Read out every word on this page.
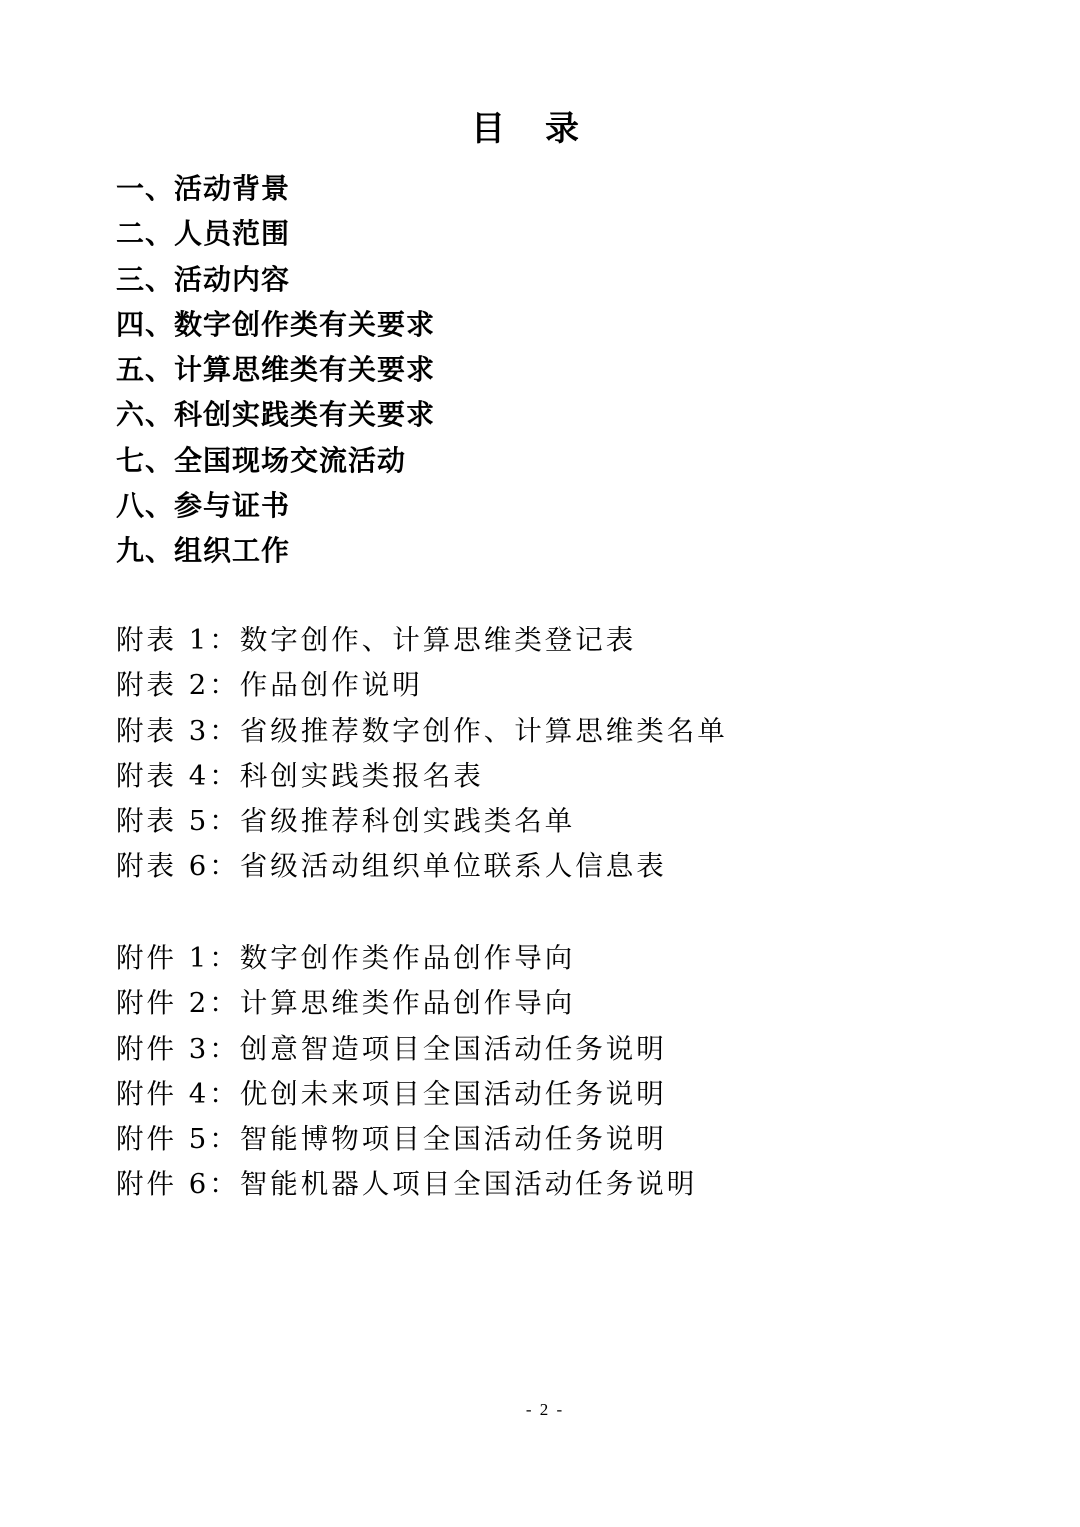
目录
一、活动背景
二、人员范围
三、活动内容
四、数字创作类有关要求
五、计算思维类有关要求
六、科创实践类有关要求
七、全国现场交流活动
八、参与证书
九、组织工作
附表 1：数字创作、计算思维类登记表
附表 2：作品创作说明
附表 3：省级推荐数字创作、计算思维类名单
附表 4：科创实践类报名表
附表 5：省级推荐科创实践类名单
附表 6：省级活动组织单位联系人信息表
附件 1：数字创作类作品创作导向
附件 2：计算思维类作品创作导向
附件 3：创意智造项目全国活动任务说明
附件 4：优创未来项目全国活动任务说明
附件 5：智能博物项目全国活动任务说明
附件 6：智能机器人项目全国活动任务说明
- 2 -
